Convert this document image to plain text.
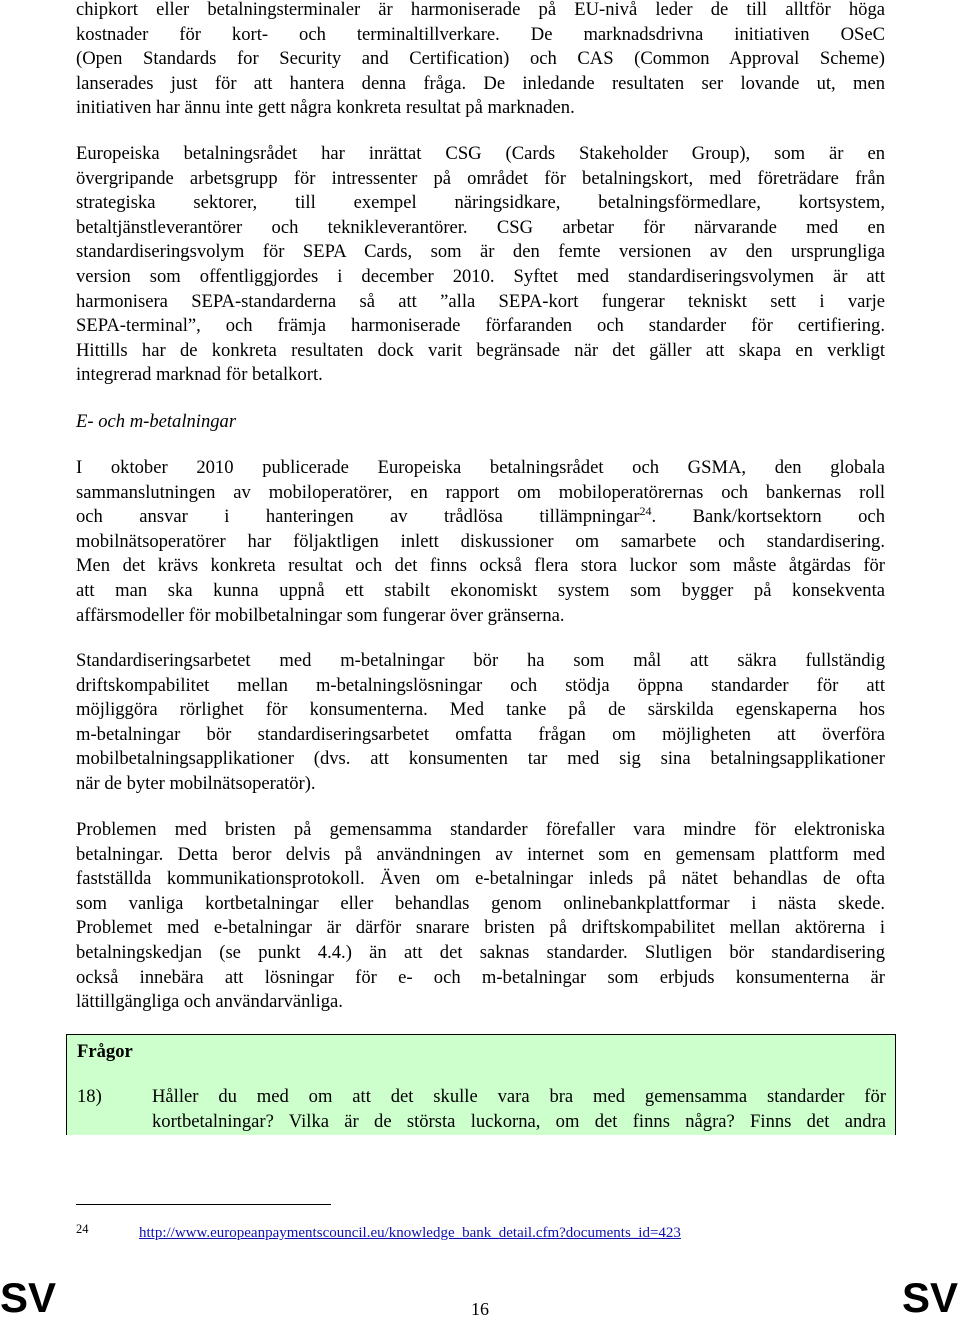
chipkort eller betalningsterminaler är harmoniserade på EU-nivå leder de till alltför höga
kostnader för kort- och terminaltillverkare. De marknadsdrivna initiativen OSeC
(Open Standards for Security and Certification) och CAS (Common Approval Scheme)
lanserades just för att hantera denna fråga. De inledande resultaten ser lovande ut, men
initiativen har ännu inte gett några konkreta resultat på marknaden.
Europeiska betalningsrådet har inrättat CSG (Cards Stakeholder Group), som är en
övergripande arbetsgrupp för intressenter på området för betalningskort, med företrädare från
strategiska sektorer, till exempel näringsidkare, betalningsförmedlare, kortsystem,
betaltjänstleverantörer och teknikleverantörer. CSG arbetar för närvarande med en
standardiseringsvolym för SEPA Cards, som är den femte versionen av den ursprungliga
version som offentliggjordes i december 2010. Syftet med standardiseringsvolymen är att
harmonisera SEPA-standarderna så att ”alla SEPA-kort fungerar tekniskt sett i varje
SEPA-terminal”, och främja harmoniserade förfaranden och standarder för certifiering.
Hittills har de konkreta resultaten dock varit begränsade när det gäller att skapa en verkligt
integrerad marknad för betalkort.

E- och m-betalningar

I oktober 2010 publicerade Europeiska betalningsrådet och GSMA, den globala
sammanslutningen av mobiloperatörer, en rapport om mobiloperatörernas och bankernas roll
och ansvar i hanteringen av trådlösa tillämpningar$^{24}$. Bank/kortsektorn och
mobilnätsoperatörer har följaktligen inlett diskussioner om samarbete och standardisering.
Men det krävs konkreta resultat och det finns också flera stora luckor som måste åtgärdas för
att man ska kunna uppnå ett stabilt ekonomiskt system som bygger på konsekventa
affärsmodeller för mobilbetalningar som fungerar över gränserna.
Standardiseringsarbetet med m-betalningar bör ha som mål att säkra fullständig
driftskompabilitet mellan m-betalningslösningar och stödja öppna standarder för att
möjliggöra rörlighet för konsumenterna. Med tanke på de särskilda egenskaperna hos
m-betalningar bör standardiseringsarbetet omfatta frågan om möjligheten att överföra
mobilbetalningsapplikationer (dvs. att konsumenten tar med sig sina betalningsapplikationer
när de byter mobilnätsoperatör).
Problemen med bristen på gemensamma standarder förefaller vara mindre för elektroniska
betalningar. Detta beror delvis på användningen av internet som en gemensam plattform med
fastställda kommunikationsprotokoll. Även om e-betalningar inleds på nätet behandlas de ofta
som vanliga kortbetalningar eller behandlas genom onlinebankplattformar i nästa skede.
Problemet med e-betalningar är därför snarare bristen på driftskompabilitet mellan aktörerna i
betalningskedjan (se punkt 4.4.) än att det saknas standarder. Slutligen bör standardisering
också innebära att lösningar för e- och m-betalningar som erbjuds konsumenterna är
lättillgängliga och användarvänliga.

Frågor

18)	Håller du med om att det skulle vara bra med gemensamma standarder för
kortbetalningar? Vilka är de största luckorna, om det finns några? Finns det andra
24	http://www.europeanpaymentscouncil.eu/knowledge_bank_detail.cfm?documents_id=423
SV	16	SV
